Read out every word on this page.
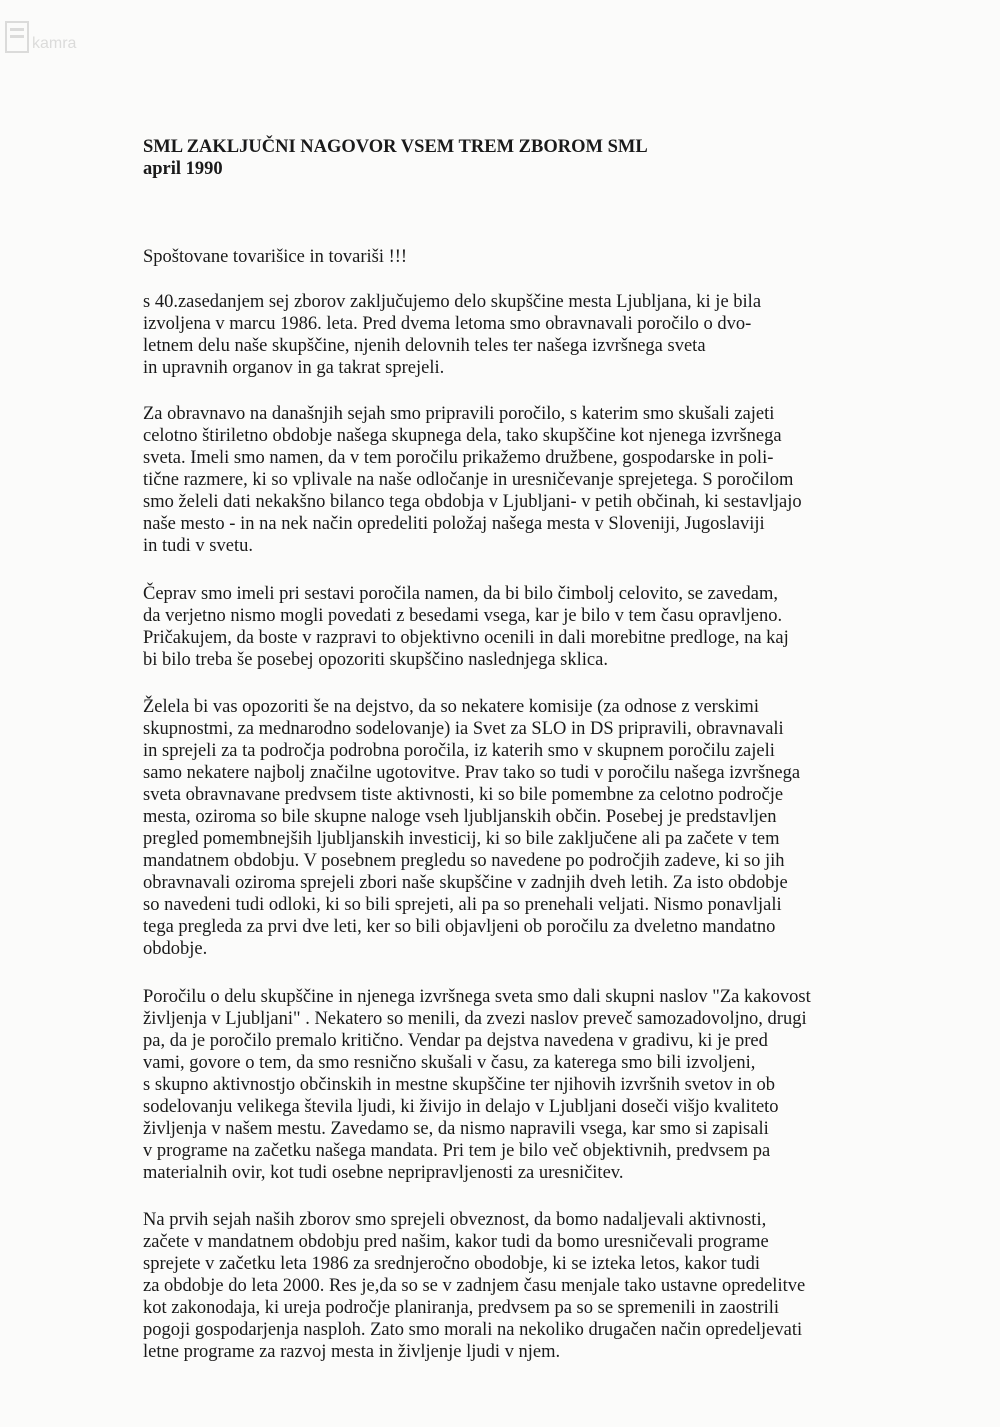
kamra
SML ZAKLJUČNI NAGOVOR VSEM TREM ZBOROM SML
april 1990

Spoštovane tovarišice in tovariši !!!

s 40.zasedanjem sej zborov zaključujemo delo skupščine mesta Ljubljana, ki je bila
izvoljena v marcu 1986. leta. Pred dvema letoma smo obravnavali poročilo o dvo-
letnem delu naše skupščine, njenih delovnih teles ter našega izvršnega sveta
in upravnih organov in ga takrat sprejeli.

Za obravnavo na današnjih sejah smo pripravili poročilo, s katerim smo skušali zajeti
celotno štiriletno obdobje našega skupnega dela, tako skupščine kot njenega izvršnega
sveta. Imeli smo namen, da v tem poročilu prikažemo družbene, gospodarske in poli-
tične razmere, ki so vplivale na naše odločanje in uresničevanje sprejetega. S poročilom
smo želeli dati nekakšno bilanco tega obdobja v Ljubljani- v petih občinah, ki sestavljajo
naše mesto - in na nek način opredeliti položaj našega mesta v Sloveniji, Jugoslaviji
in tudi v svetu.

Čeprav smo imeli pri sestavi poročila namen, da bi bilo čimbolj celovito, se zavedam,
da verjetno nismo mogli povedati z besedami vsega, kar je bilo v tem času opravljeno.
Pričakujem, da boste v razpravi to objektivno ocenili in dali morebitne predloge, na kaj
bi bilo treba še posebej opozoriti skupščino naslednjega sklica.

Želela bi vas opozoriti še na dejstvo, da so nekatere komisije (za odnose z verskimi
skupnostmi, za mednarodno sodelovanje) ia Svet za SLO in DS pripravili, obravnavali
in sprejeli za ta področja podrobna poročila, iz katerih smo v skupnem poročilu zajeli
samo nekatere najbolj značilne ugotovitve. Prav tako so tudi v poročilu našega izvršnega
sveta obravnavane predvsem tiste aktivnosti, ki so bile pomembne za celotno področje
mesta, oziroma so bile skupne naloge vseh ljubljanskih občin. Posebej je predstavljen
pregled pomembnejših ljubljanskih investicij, ki so bile zaključene ali pa začete v tem
mandatnem obdobju. V posebnem pregledu so navedene po področjih zadeve, ki so jih
obravnavali oziroma sprejeli zbori naše skupščine v zadnjih dveh letih. Za isto obdobje
so navedeni tudi odloki, ki so bili sprejeti, ali pa so prenehali veljati. Nismo ponavljali
tega pregleda za prvi dve leti, ker so bili objavljeni ob poročilu za dveletno mandatno
obdobje.

Poročilu o delu skupščine in njenega izvršnega sveta smo dali skupni naslov "Za kakovost
življenja v Ljubljani" . Nekatero so menili, da zvezi naslov preveč samozadovoljno, drugi
pa, da je poročilo premalo kritično. Vendar pa dejstva navedena v gradivu, ki je pred
vami, govore o tem, da smo resnično skušali v času, za katerega smo bili izvoljeni,
s skupno aktivnostjo občinskih in mestne skupščine ter njihovih izvršnih svetov in ob
sodelovanju velikega števila ljudi, ki živijo in delajo v Ljubljani doseči višjo kvaliteto
življenja v našem mestu. Zavedamo se, da nismo napravili vsega, kar smo si zapisali
v programe na začetku našega mandata. Pri tem je bilo več objektivnih, predvsem pa
materialnih ovir, kot tudi osebne nepripravljenosti za uresničitev.

Na prvih sejah naših zborov smo sprejeli obveznost, da bomo nadaljevali aktivnosti,
začete v mandatnem obdobju pred našim, kakor tudi da bomo uresničevali programe
sprejete v začetku leta 1986 za srednjeročno obodobje, ki se izteka letos, kakor tudi
za obdobje do leta 2000. Res je,da so se v zadnjem času menjale tako ustavne opredelitve
kot zakonodaja, ki ureja področje planiranja, predvsem pa so se spremenili in zaostrili
pogoji gospodarjenja nasploh. Zato smo morali na nekoliko drugačen način opredeljevati
letne programe za razvoj mesta in življenje ljudi v njem.
